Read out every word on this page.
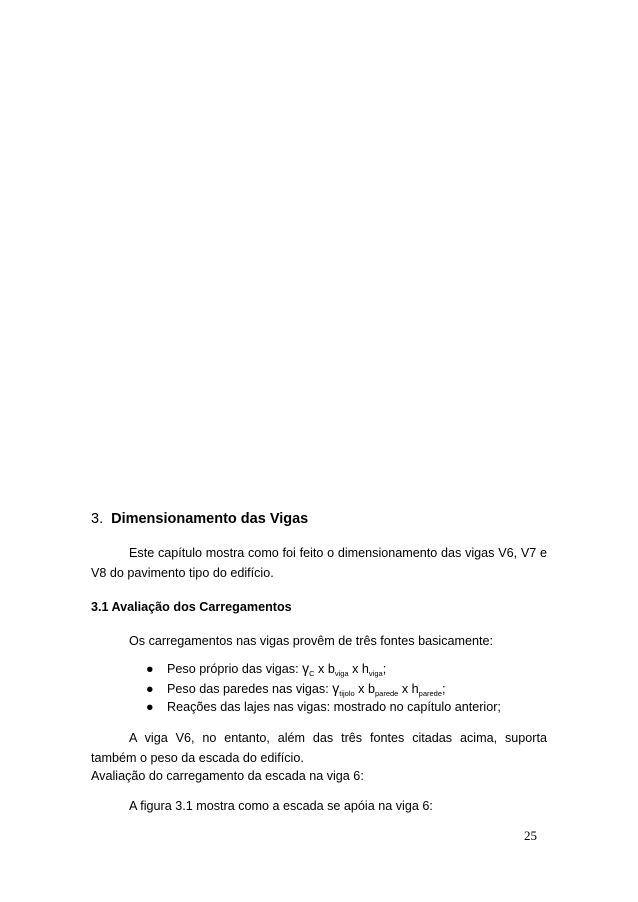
3. Dimensionamento das Vigas
Este capítulo mostra como foi feito o dimensionamento das vigas V6, V7 e V8 do pavimento tipo do edifício.
3.1 Avaliação dos Carregamentos
Os carregamentos nas vigas provêm de três fontes basicamente:
● Peso próprio das vigas: $\gamma_C$ x $b_{viga}$ x $h_{viga}$;
● Peso das paredes nas vigas: $\gamma_{tijolo}$ x $b_{parede}$ x $h_{parede}$;
● Reações das lajes nas vigas: mostrado no capítulo anterior;
A viga V6, no entanto, além das três fontes citadas acima, suporta também o peso da escada do edifício.
Avaliação do carregamento da escada na viga 6:
A figura 3.1 mostra como a escada se apóia na viga 6:
25
